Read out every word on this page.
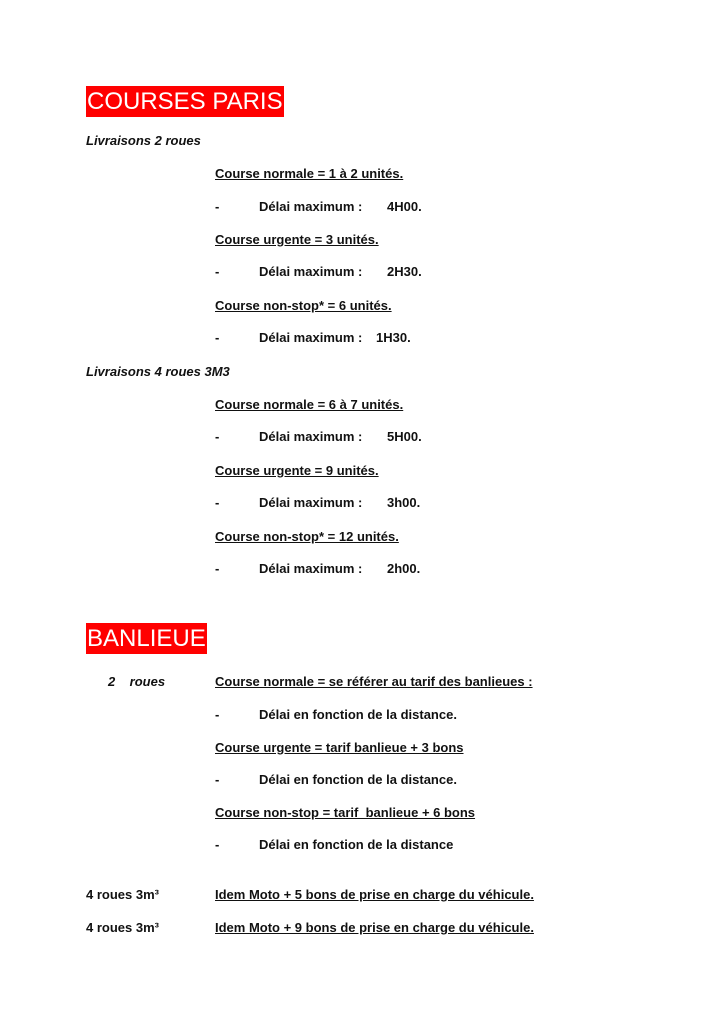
COURSES PARIS
Livraisons 2 roues
Course normale = 1 à 2 unités.
-	Délai maximum : 4H00.
Course urgente = 3 unités.
-	Délai maximum : 2H30.
Course non-stop* = 6 unités.
-	Délai maximum : 1H30.
Livraisons 4 roues 3M3
Course normale = 6 à 7 unités.
-	Délai maximum : 5H00.
Course urgente = 9 unités.
-	Délai maximum : 3h00.
Course non-stop* = 12 unités.
-	Délai maximum : 2h00.
BANLIEUE
2    roues	Course normale = se référer au tarif des banlieues :
-	Délai en fonction de la distance.
Course urgente = tarif banlieue + 3 bons
-	Délai en fonction de la distance.
Course non-stop = tarif  banlieue + 6 bons
-	Délai en fonction de la distance
4 roues 3m³	Idem Moto + 5 bons de prise en charge du véhicule.
4 roues 3m³	Idem Moto + 9 bons de prise en charge du véhicule.
